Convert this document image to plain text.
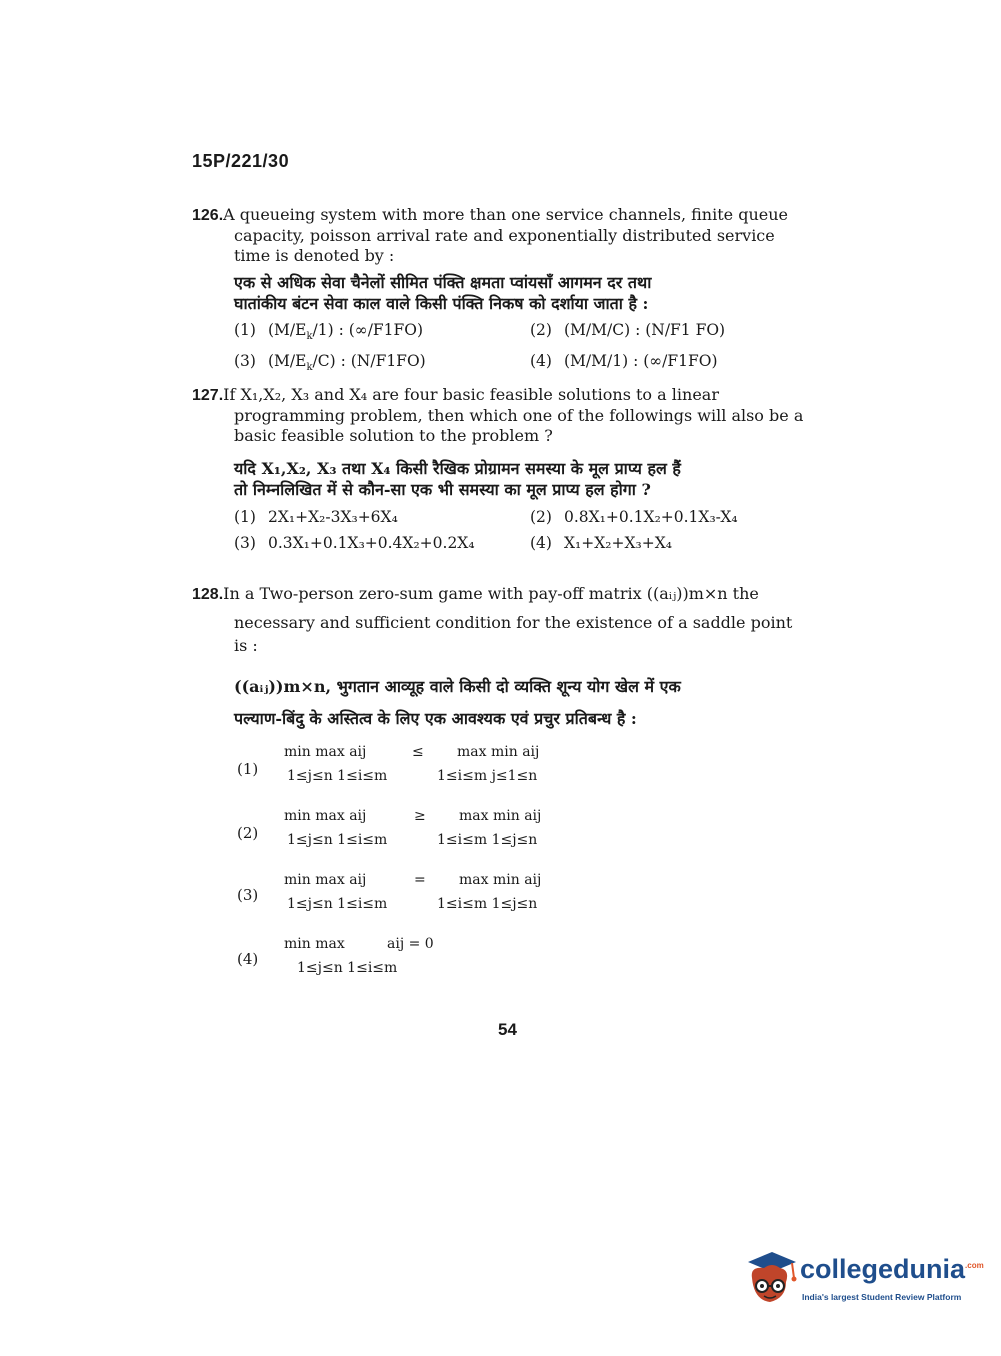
15P/221/30
126.A queueing system with more than one service channels, finite queue
capacity, poisson arrival rate and exponentially distributed service
time is denoted by :
एक से अधिक सेवा चैनेलों सीमित पंक्ति क्षमता प्वांयसाँ आगमन दर तथा
घातांकीय बंटन सेवा काल वाले किसी पंक्ति निकष को दर्शाया जाता है :
(1) $(M/E_k/1)$ : (∞/F1FO)	(2) (M/M/C) : (N/F1 FO)
(3) $(M/E_k/C)$ : (N/F1FO)	(4) (M/M/1) : (∞/F1FO)
127.If X₁,X₂, X₃ and X₄ are four basic feasible solutions to a linear
programming problem, then which one of the followings will also be a
basic feasible solution to the problem ?
यदि X₁,X₂, X₃ तथा X₄ किसी रैखिक प्रोग्रामन समस्या के मूल प्राप्य हल हैं
तो निम्नलिखित में से कौन-सा एक भी समस्या का मूल प्राप्य हल होगा ?
(1) 2X₁+X₂-3X₃+6X₄	(2) 0.8X₁+0.1X₂+0.1X₃-X₄
(3) 0.3X₁+0.1X₃+0.4X₂+0.2X₄	(4) X₁+X₂+X₃+X₄
128.In a Two-person zero-sum game with pay-off matrix ((aᵢⱼ))m×n the
necessary and sufficient condition for the existence of a saddle point
is :
((aᵢⱼ))m×n, भुगतान आव्यूह वाले किसी दो व्यक्ति शून्य योग खेल में एक
पल्याण-बिंदु के अस्तित्व के लिए एक आवश्यक एवं प्रचुर प्रतिबन्ध है :
(1)
min max aij	≤ max min aij
1≤j≤n 1≤i≤m	1≤i≤m j≤1≤n
(2)
min max aij	≥ max min aij
1≤j≤n 1≤i≤m	1≤i≤m 1≤j≤n
(3)
min max aij	= max min aij
1≤j≤n 1≤i≤m	1≤i≤m 1≤j≤n
(4)
min max	aij = 0
1≤j≤n 1≤i≤m
54
collegedunia$^{.com}$
India's largest Student Review Platform
